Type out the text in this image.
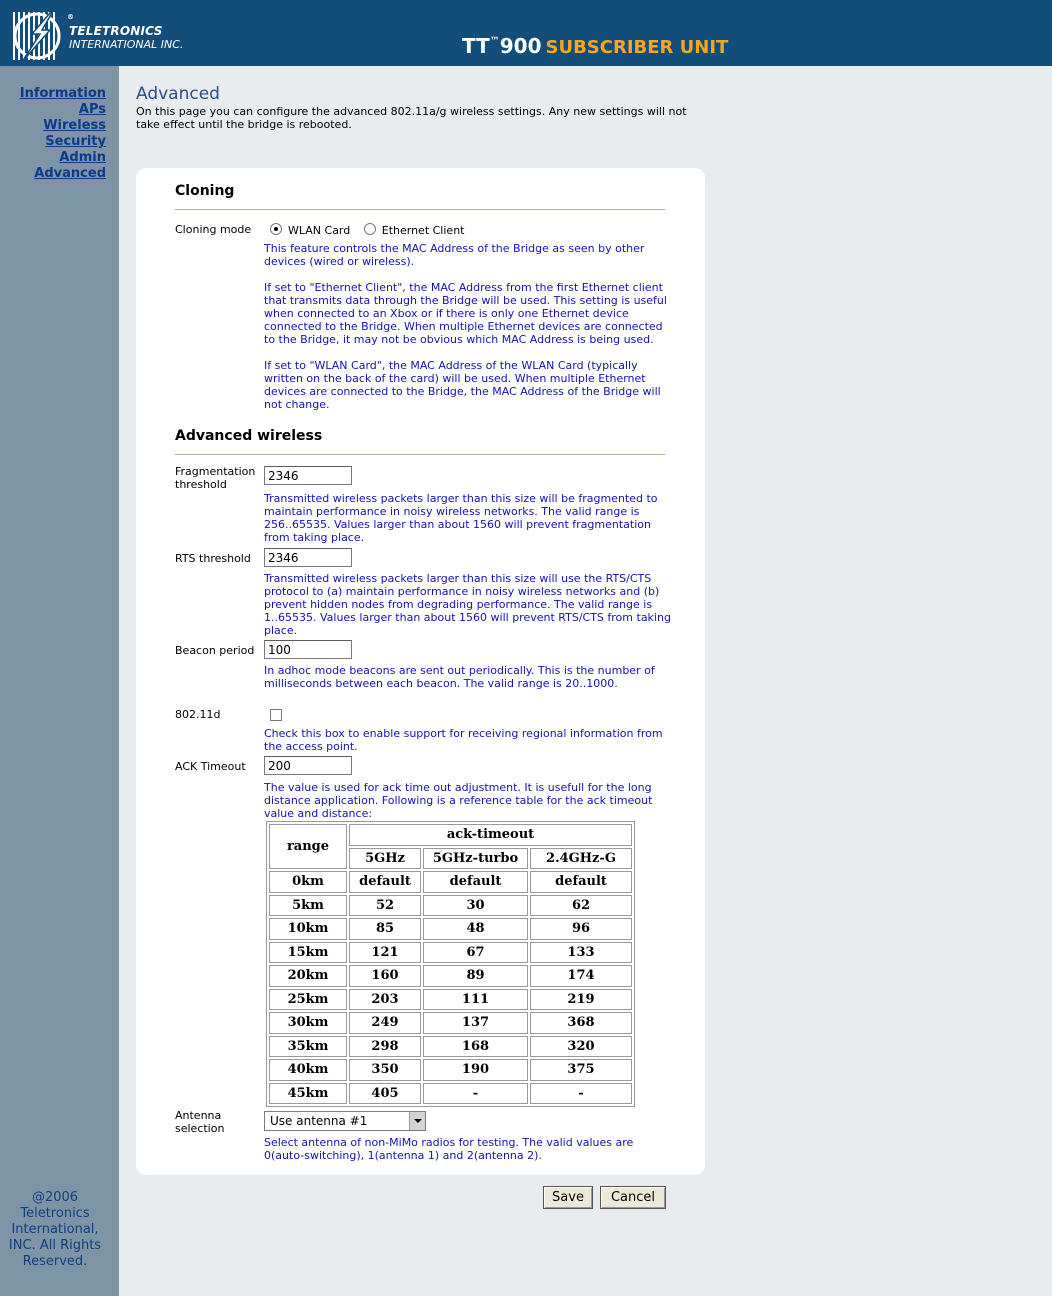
®
TELETRONICS
INTERNATIONAL INC.	TT™900 SUBSCRIBER UNIT
Information
APs
Wireless
Security
Admin
Advanced
@2006
Teletronics
International,
INC. All Rights
Reserved.
Advanced
On this page you can configure the advanced 802.11a/g wireless settings. Any new settings will not take effect until the bridge is rebooted.
Cloning
Cloning mode	WLAN Card	Ethernet Client

This feature controls the MAC Address of the Bridge as seen by other devices (wired or wireless).

If set to "Ethernet Client", the MAC Address from the first Ethernet client that transmits data through the Bridge will be used. This setting is useful when connected to an Xbox or if there is only one Ethernet device connected to the Bridge. When multiple Ethernet devices are connected to the Bridge, it may not be obvious which MAC Address is being used.

If set to "WLAN Card", the MAC Address of the WLAN Card (typically written on the back of the card) will be used. When multiple Ethernet devices are connected to the Bridge, the MAC Address of the Bridge will not change.

Advanced wireless
Fragmentation
threshold
2346
Transmitted wireless packets larger than this size will be fragmented to maintain performance in noisy wireless networks. The valid range is 256..65535. Values larger than about 1560 will prevent fragmentation from taking place.
RTS threshold
2346
Transmitted wireless packets larger than this size will use the RTS/CTS protocol to (a) maintain performance in noisy wireless networks and (b) prevent hidden nodes from degrading performance. The valid range is 1..65535. Values larger than about 1560 will prevent RTS/CTS from taking place.
Beacon period
100
In adhoc mode beacons are sent out periodically. This is the number of milliseconds between each beacon. The valid range is 20..1000.
802.11d
Check this box to enable support for receiving regional information from the access point.
ACK Timeout
200
The value is used for ack time out adjustment. It is usefull for the long distance application. Following is a reference table for the ack timeout value and distance:
range	ack-timeout		
	5GHz	5GHz-turbo	2.4GHz-G
0km	default	default	default
5km	52	30	62
10km	85	48	96
15km	121	67	133
20km	160	89	174
25km	203	111	219
30km	249	137	368
35km	298	168	320
40km	350	190	375
45km	405	-	-
Antenna
selection
Use antenna #1
Select antenna of non-MiMo radios for testing. The valid values are 0(auto-switching), 1(antenna 1) and 2(antenna 2).
Save	Cancel
